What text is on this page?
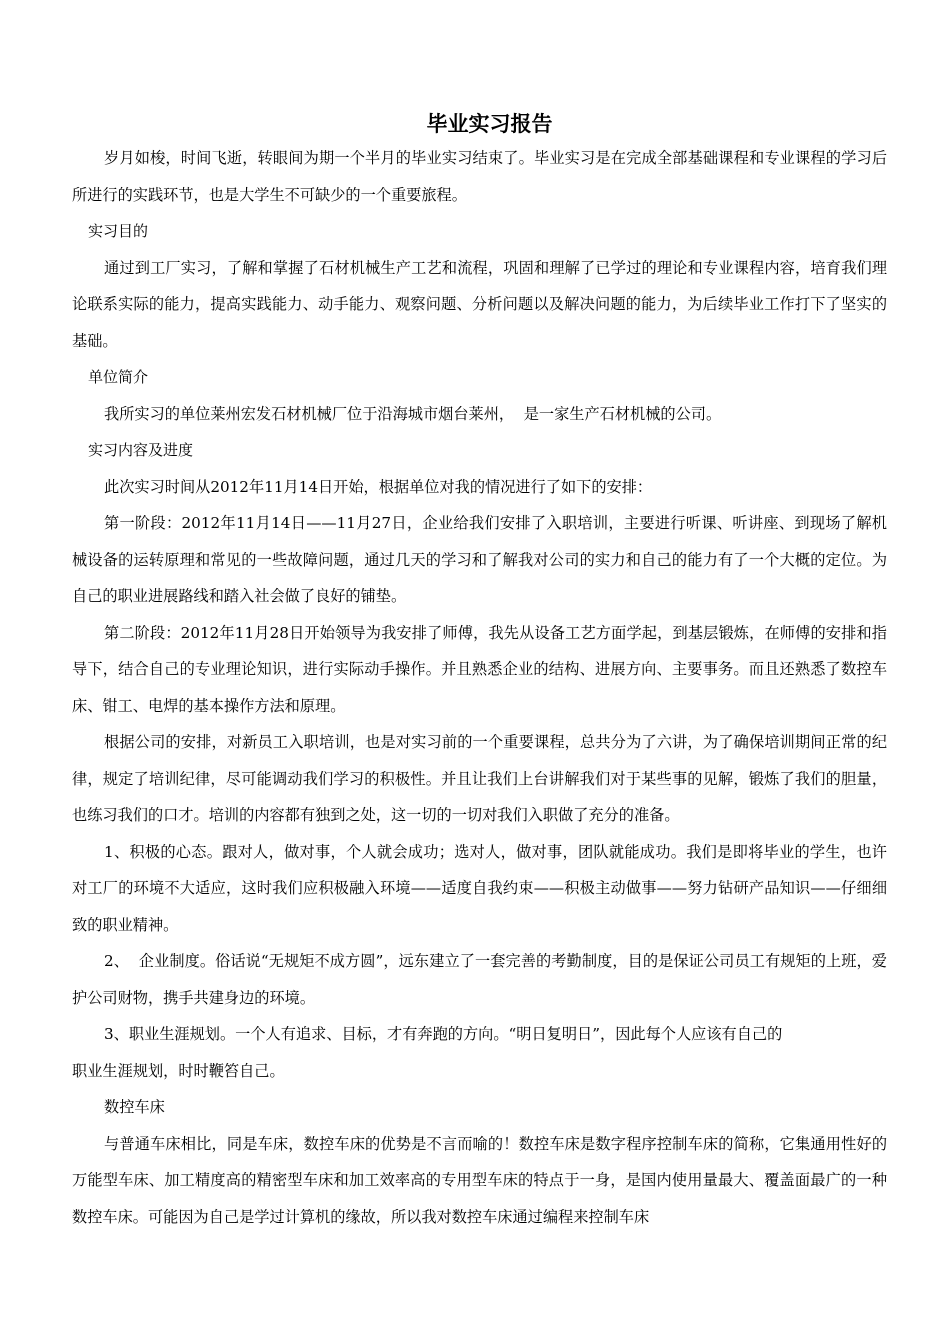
毕业实习报告

岁月如梭，时间飞逝，转眼间为期一个半月的毕业实习结束了。毕业实习是在完成全部基础课程和专业课程的学习后所进行的实践环节，也是大学生不可缺少的一个重要旅程。

实习目的

通过到工厂实习，了解和掌握了石材机械生产工艺和流程，巩固和理解了已学过的理论和专业课程内容，培育我们理论联系实际的能力，提高实践能力、动手能力、观察问题、分析问题以及解决问题的能力，为后续毕业工作打下了坚实的基础。

单位简介

我所实习的单位莱州宏发石材机械厂位于沿海城市烟台莱州，  是一家生产石材机械的公司。

实习内容及进度

此次实习时间从2012年11月14日开始，根据单位对我的情况进行了如下的安排：

第一阶段：2012年11月14日——11月27日，企业给我们安排了入职培训，主要进行听课、听讲座、到现场了解机械设备的运转原理和常见的一些故障问题，通过几天的学习和了解我对公司的实力和自己的能力有了一个大概的定位。为自己的职业进展路线和踏入社会做了良好的铺垫。

第二阶段：2012年11月28日开始领导为我安排了师傅，我先从设备工艺方面学起，到基层锻炼，在师傅的安排和指导下，结合自己的专业理论知识，进行实际动手操作。并且熟悉企业的结构、进展方向、主要事务。而且还熟悉了数控车床、钳工、电焊的基本操作方法和原理。

根据公司的安排，对新员工入职培训，也是对实习前的一个重要课程，总共分为了六讲，为了确保培训期间正常的纪律，规定了培训纪律，尽可能调动我们学习的积极性。并且让我们上台讲解我们对于某些事的见解，锻炼了我们的胆量，也练习我们的口才。培训的内容都有独到之处，这一切的一切对我们入职做了充分的准备。

1、积极的心态。跟对人，做对事，个人就会成功；选对人，做对事，团队就能成功。我们是即将毕业的学生，也许对工厂的环境不大适应，这时我们应积极融入环境——适度自我约束——积极主动做事——努力钻研产品知识——仔细细致的职业精神。

2、  企业制度。俗话说“无规矩不成方圆”，远东建立了一套完善的考勤制度，目的是保证公司员工有规矩的上班，爱护公司财物，携手共建身边的环境。

3、职业生涯规划。一个人有追求、目标，才有奔跑的方向。“明日复明日”，因此每个人应该有自己的

职业生涯规划，时时鞭笞自己。

数控车床

与普通车床相比，同是车床，数控车床的优势是不言而喻的！数控车床是数字程序控制车床的简称，它集通用性好的万能型车床、加工精度高的精密型车床和加工效率高的专用型车床的特点于一身，是国内使用量最大、覆盖面最广的一种数控车床。可能因为自己是学过计算机的缘故，所以我对数控车床通过编程来控制车床
